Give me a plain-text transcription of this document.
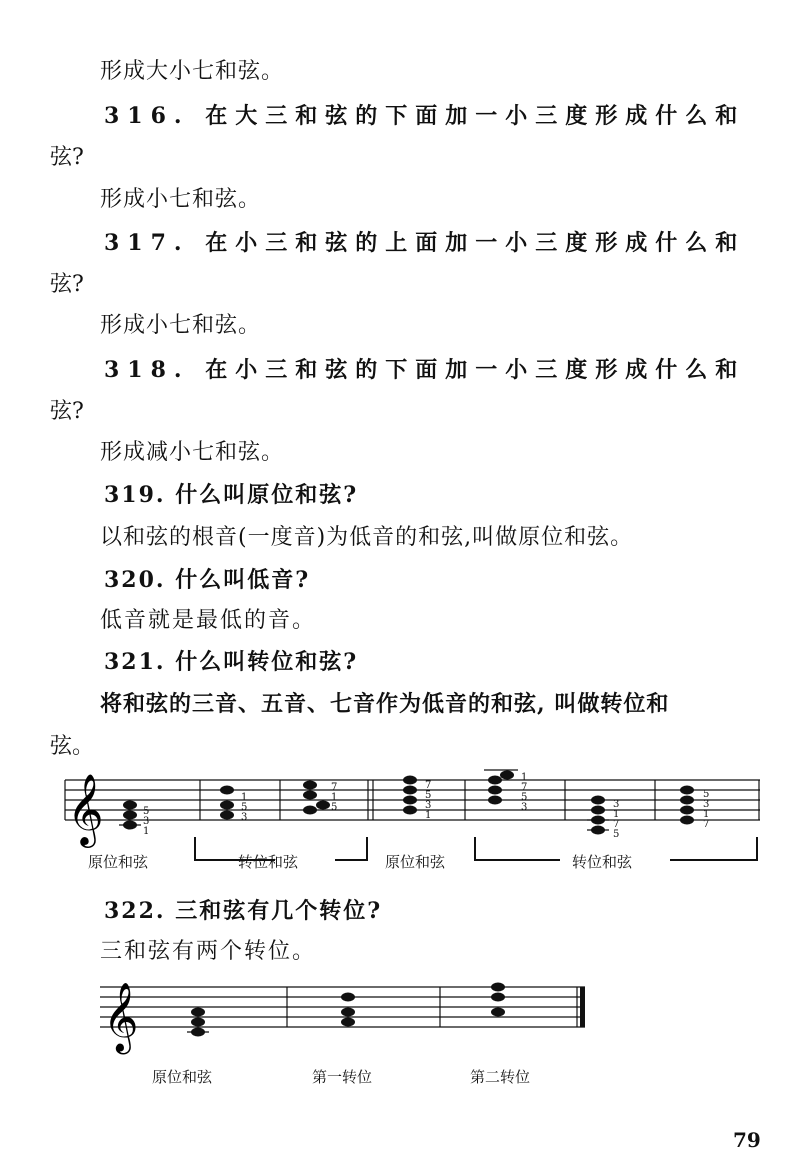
形成大小七和弦。
316. 在大三和弦的下面加一小三度形成什么和
弦?
形成小七和弦。
317. 在小三和弦的上面加一小三度形成什么和
弦?
形成小七和弦。
318. 在小三和弦的下面加一小三度形成什么和
弦?
形成减小七和弦。
319. 什么叫原位和弦?
以和弦的根音(一度音)为低音的和弦,叫做原位和弦。
320. 什么叫低音?
低音就是最低的音。
321. 什么叫转位和弦?
将和弦的三音、五音、七音作为低音的和弦, 叫做转位和
弦。
𝄞	5
3
1
1
5
3
7
1
5
7
5
3
1
1
7
5
3	3
1
7
5
5
3
1
7
原位和弦	转位和弦	原位和弦	转位和弦
322. 三和弦有几个转位?
三和弦有两个转位。
𝄞
原位和弦	第一转位	第二转位
79
